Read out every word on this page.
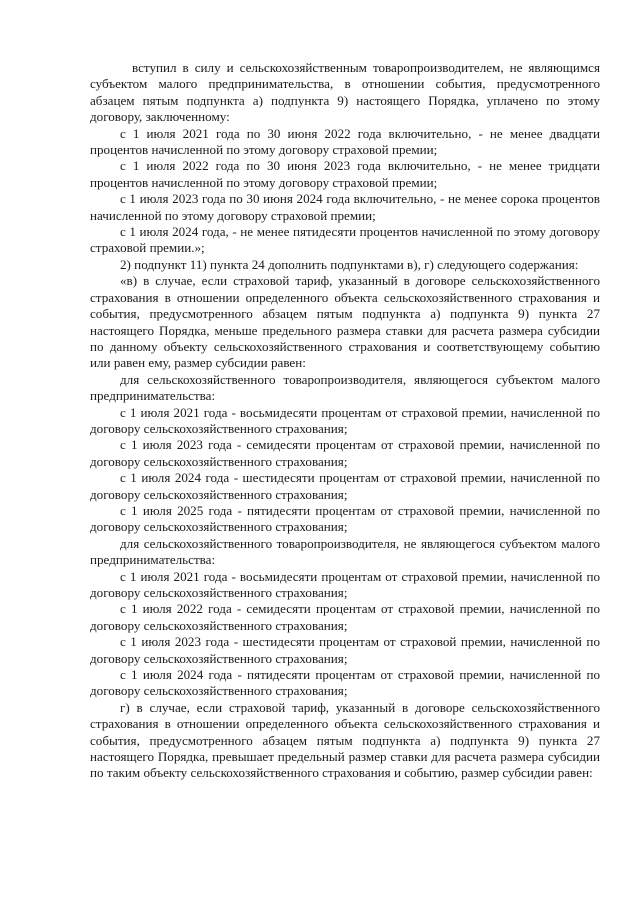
вступил в силу и сельскохозяйственным товаропроизводителем, не являющимся субъектом малого предпринимательства, в отношении события, предусмотренного абзацем пятым подпункта а) подпункта 9) настоящего Порядка, уплачено по этому договору, заключенному:

с 1 июля 2021 года по 30 июня 2022 года включительно, - не менее двадцати процентов начисленной по этому договору страховой премии;

с 1 июля 2022 года по 30 июня 2023 года включительно, - не менее тридцати процентов начисленной по этому договору страховой премии;

с 1 июля 2023 года по 30 июня 2024 года включительно, - не менее сорока процентов начисленной по этому договору страховой премии;

с 1 июля 2024 года, - не менее пятидесяти процентов начисленной по этому договору страховой премии.»;

2) подпункт 11) пункта 24 дополнить подпунктами в), г) следующего содержания:

«в) в случае, если страховой тариф, указанный в договоре сельскохозяйственного страхования в отношении определенного объекта сельскохозяйственного страхования и события, предусмотренного абзацем пятым подпункта а) подпункта 9) пункта 27 настоящего Порядка, меньше предельного размера ставки для расчета размера субсидии по данному объекту сельскохозяйственного страхования и соответствующему событию или равен ему, размер субсидии равен:

для сельскохозяйственного товаропроизводителя, являющегося субъектом малого предпринимательства:

с 1 июля 2021 года - восьмидесяти процентам от страховой премии, начисленной по договору сельскохозяйственного страхования;

с 1 июля 2023 года - семидесяти процентам от страховой премии, начисленной по договору сельскохозяйственного страхования;

с 1 июля 2024 года - шестидесяти процентам от страховой премии, начисленной по договору сельскохозяйственного страхования;

с 1 июля 2025 года - пятидесяти процентам от страховой премии, начисленной по договору сельскохозяйственного страхования;

для сельскохозяйственного товаропроизводителя, не являющегося субъектом малого предпринимательства:

с 1 июля 2021 года - восьмидесяти процентам от страховой премии, начисленной по договору сельскохозяйственного страхования;

с 1 июля 2022 года - семидесяти процентам от страховой премии, начисленной по договору сельскохозяйственного страхования;

с 1 июля 2023 года - шестидесяти процентам от страховой премии, начисленной по договору сельскохозяйственного страхования;

с 1 июля 2024 года - пятидесяти процентам от страховой премии, начисленной по договору сельскохозяйственного страхования;

г) в случае, если страховой тариф, указанный в договоре сельскохозяйственного страхования в отношении определенного объекта сельскохозяйственного страхования и события, предусмотренного абзацем пятым подпункта а) подпункта 9) пункта 27 настоящего Порядка, превышает предельный размер ставки для расчета размера субсидии по таким объекту сельскохозяйственного страхования и событию, размер субсидии равен:
